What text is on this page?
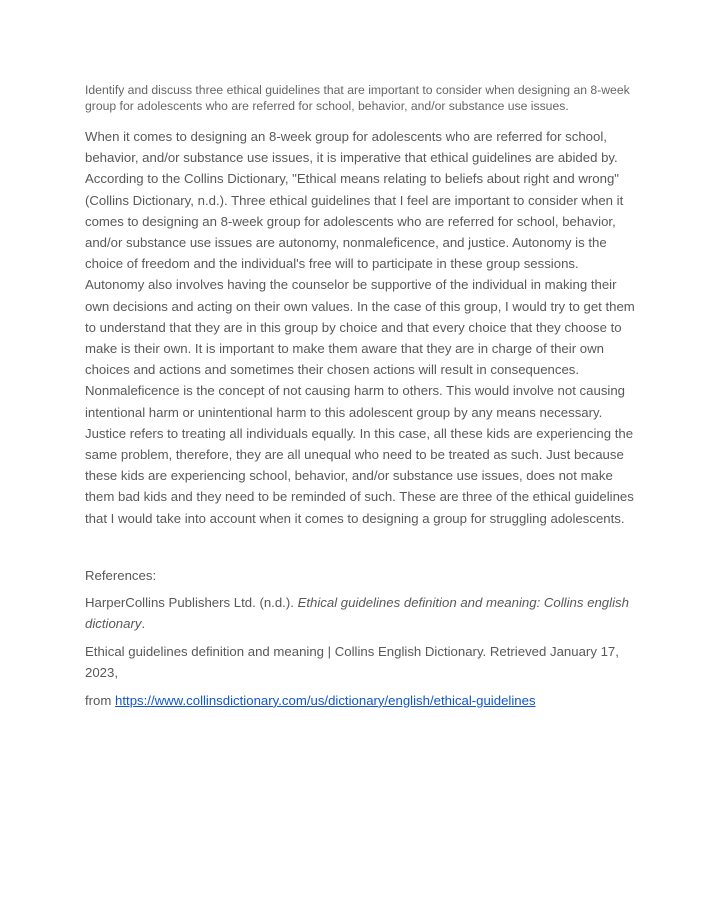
Identify and discuss three ethical guidelines that are important to consider when designing an 8-week group for adolescents who are referred for school, behavior, and/or substance use issues.

When it comes to designing an 8-week group for adolescents who are referred for school, behavior, and/or substance use issues, it is imperative that ethical guidelines are abided by. According to the Collins Dictionary, "Ethical means relating to beliefs about right and wrong" (Collins Dictionary, n.d.). Three ethical guidelines that I feel are important to consider when it comes to designing an 8-week group for adolescents who are referred for school, behavior, and/or substance use issues are autonomy, nonmaleficence, and justice. Autonomy is the choice of freedom and the individual's free will to participate in these group sessions. Autonomy also involves having the counselor be supportive of the individual in making their own decisions and acting on their own values. In the case of this group, I would try to get them to understand that they are in this group by choice and that every choice that they choose to make is their own. It is important to make them aware that they are in charge of their own choices and actions and sometimes their chosen actions will result in consequences. Nonmaleficence is the concept of not causing harm to others. This would involve not causing intentional harm or unintentional harm to this adolescent group by any means necessary. Justice refers to treating all individuals equally. In this case, all these kids are experiencing the same problem, therefore, they are all unequal who need to be treated as such. Just because these kids are experiencing school, behavior, and/or substance use issues, does not make them bad kids and they need to be reminded of such. These are three of the ethical guidelines that I would take into account when it comes to designing a group for struggling adolescents.

References:

HarperCollins Publishers Ltd. (n.d.). Ethical guidelines definition and meaning: Collins english dictionary.

Ethical guidelines definition and meaning | Collins English Dictionary. Retrieved January 17, 2023,

from https://www.collinsdictionary.com/us/dictionary/english/ethical-guidelines
